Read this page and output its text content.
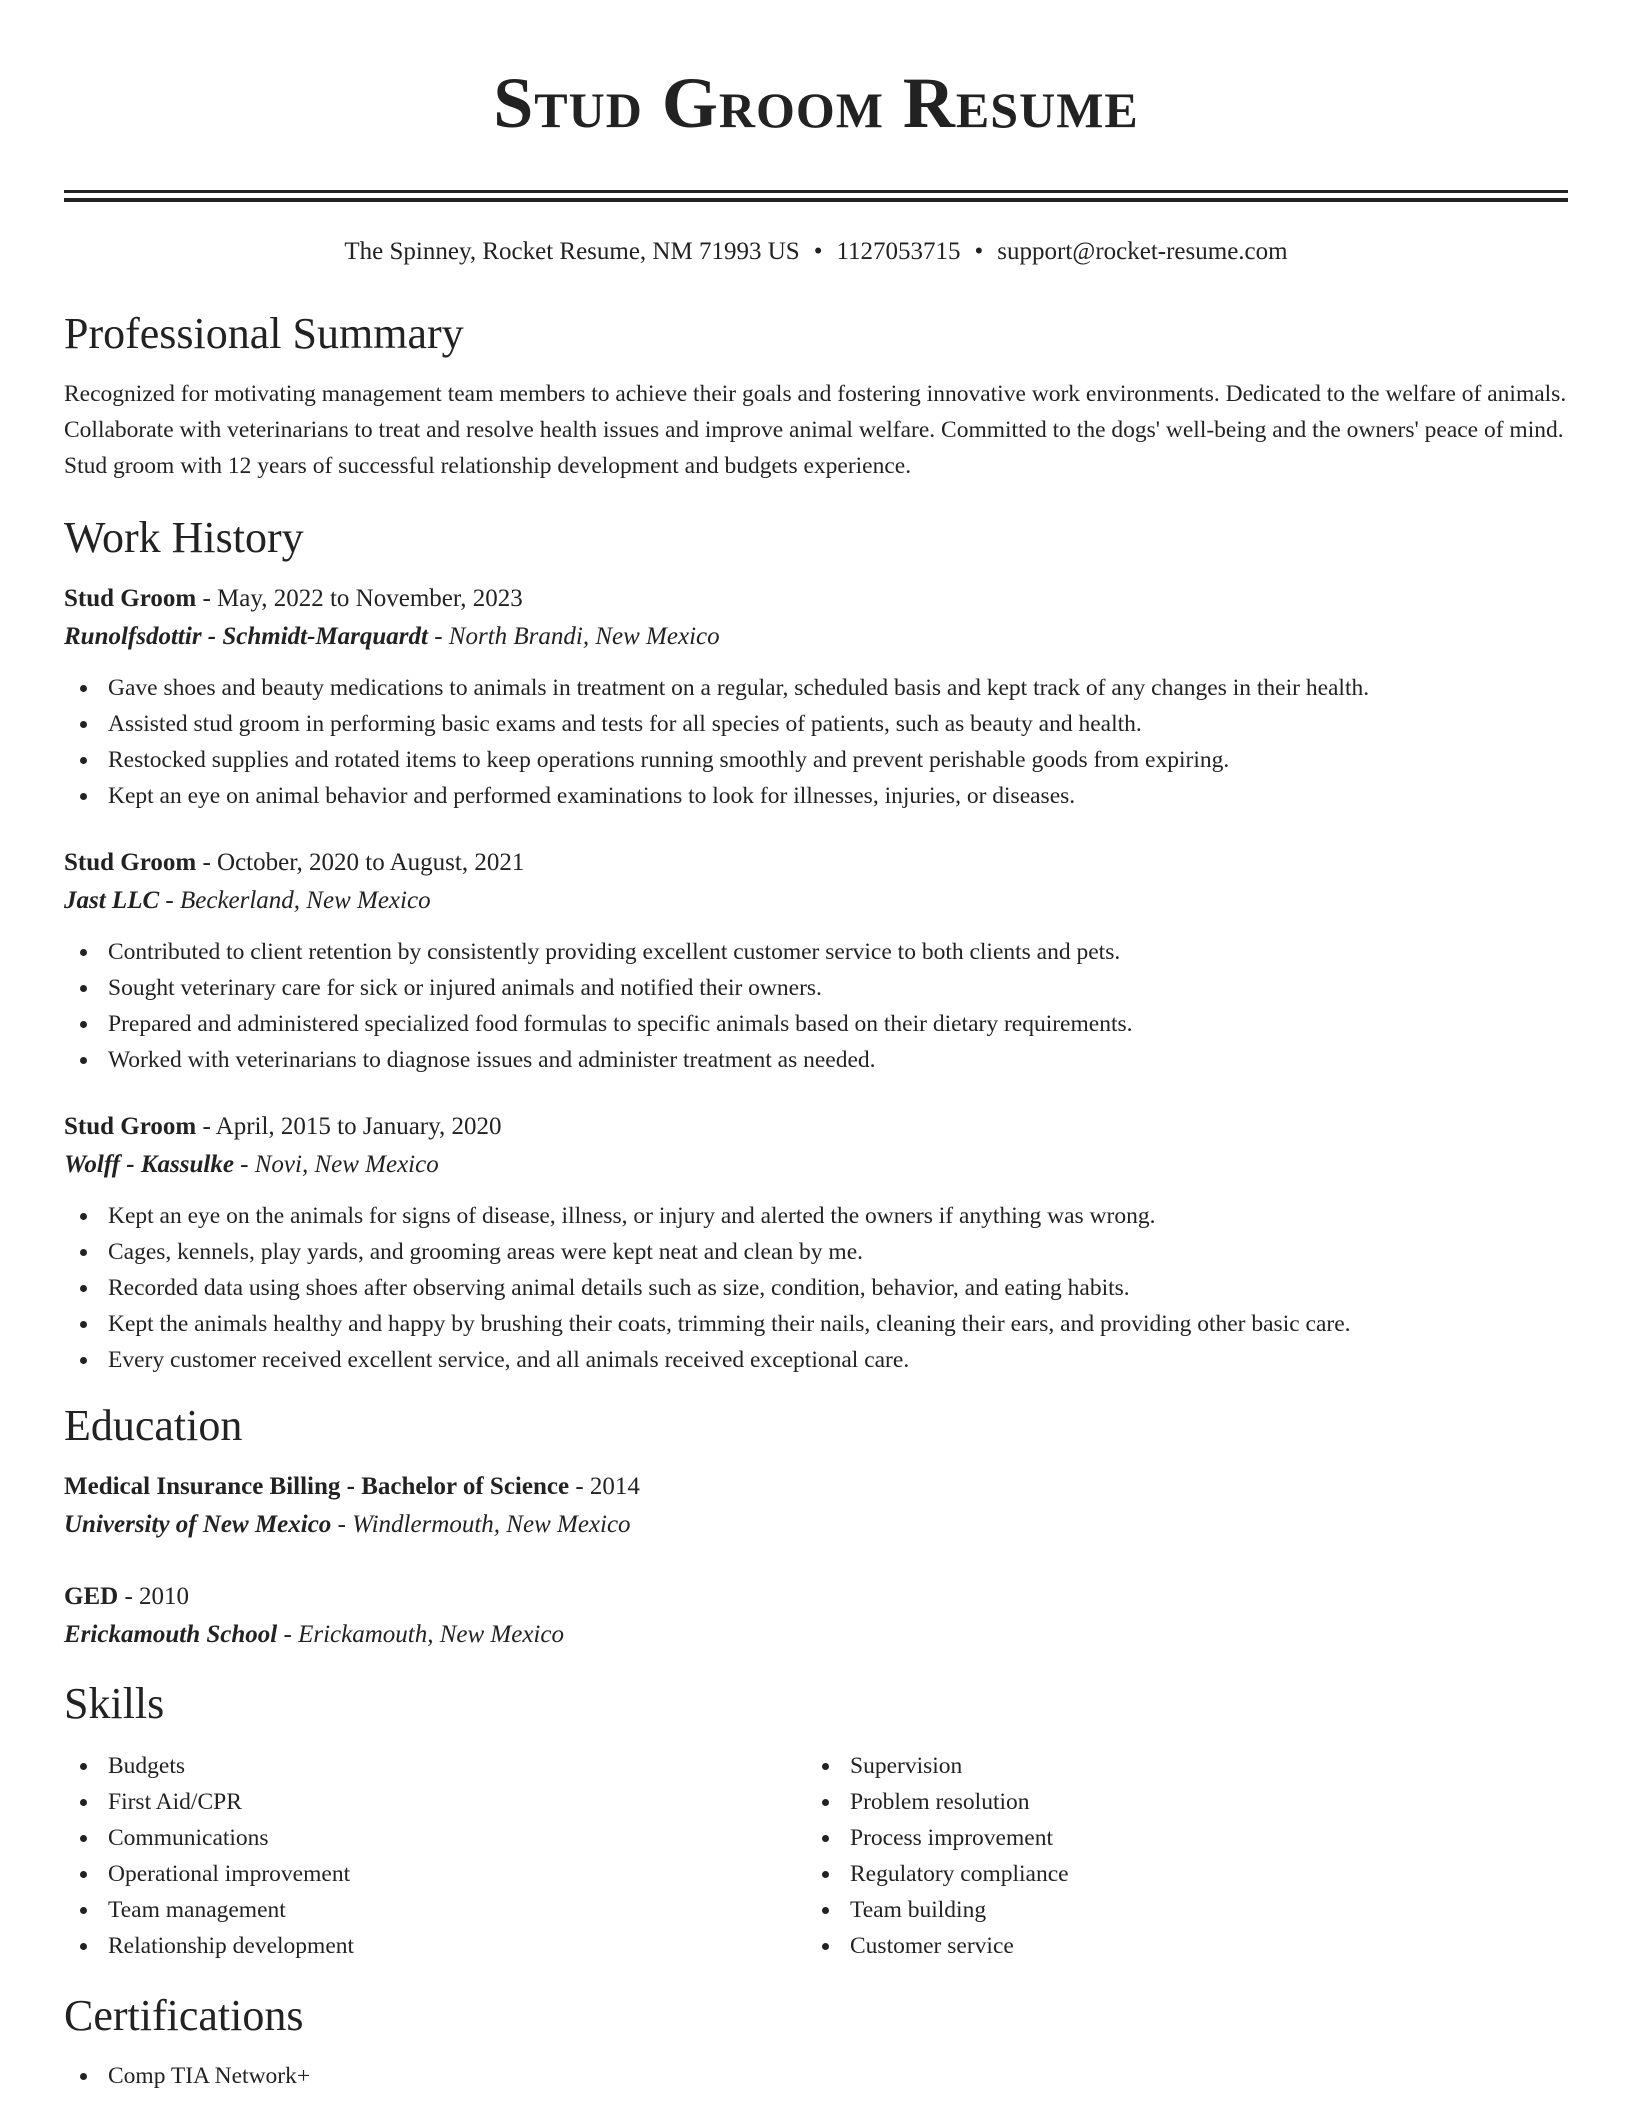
Stud Groom Resume
The Spinney, Rocket Resume, NM 71993 US • 1127053715 • support@rocket-resume.com
Professional Summary
Recognized for motivating management team members to achieve their goals and fostering innovative work environments. Dedicated to the welfare of animals. Collaborate with veterinarians to treat and resolve health issues and improve animal welfare. Committed to the dogs' well-being and the owners' peace of mind. Stud groom with 12 years of successful relationship development and budgets experience.
Work History
Stud Groom - May, 2022 to November, 2023
Runolfsdottir - Schmidt-Marquardt - North Brandi, New Mexico
Gave shoes and beauty medications to animals in treatment on a regular, scheduled basis and kept track of any changes in their health.
Assisted stud groom in performing basic exams and tests for all species of patients, such as beauty and health.
Restocked supplies and rotated items to keep operations running smoothly and prevent perishable goods from expiring.
Kept an eye on animal behavior and performed examinations to look for illnesses, injuries, or diseases.
Stud Groom - October, 2020 to August, 2021
Jast LLC - Beckerland, New Mexico
Contributed to client retention by consistently providing excellent customer service to both clients and pets.
Sought veterinary care for sick or injured animals and notified their owners.
Prepared and administered specialized food formulas to specific animals based on their dietary requirements.
Worked with veterinarians to diagnose issues and administer treatment as needed.
Stud Groom - April, 2015 to January, 2020
Wolff - Kassulke - Novi, New Mexico
Kept an eye on the animals for signs of disease, illness, or injury and alerted the owners if anything was wrong.
Cages, kennels, play yards, and grooming areas were kept neat and clean by me.
Recorded data using shoes after observing animal details such as size, condition, behavior, and eating habits.
Kept the animals healthy and happy by brushing their coats, trimming their nails, cleaning their ears, and providing other basic care.
Every customer received excellent service, and all animals received exceptional care.
Education
Medical Insurance Billing - Bachelor of Science - 2014
University of New Mexico - Windlermouth, New Mexico
GED - 2010
Erickamouth School - Erickamouth, New Mexico
Skills
Budgets
First Aid/CPR
Communications
Operational improvement
Team management
Relationship development
Supervision
Problem resolution
Process improvement
Regulatory compliance
Team building
Customer service
Certifications
Comp TIA Network+
